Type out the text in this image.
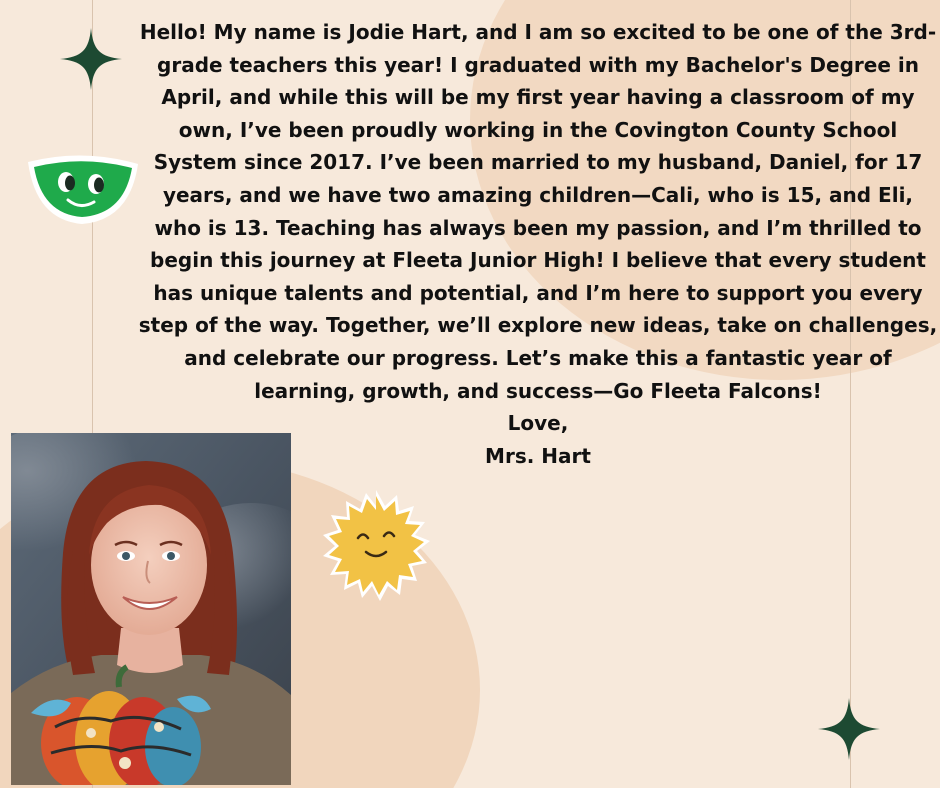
Hello! My name is Jodie Hart, and I am so excited to be one of the 3rd-grade teachers this year! I graduated with my Bachelor's Degree in April, and while this will be my first year having a classroom of my own, I’ve been proudly working in the Covington County School System since 2017. I’ve been married to my husband, Daniel, for 17 years, and we have two amazing children—Cali, who is 15, and Eli, who is 13. Teaching has always been my passion, and I’m thrilled to begin this journey at Fleeta Junior High! I believe that every student has unique talents and potential, and I’m here to support you every step of the way. Together, we’ll explore new ideas, take on challenges, and celebrate our progress. Let’s make this a fantastic year of learning, growth, and success—Go Fleeta Falcons!

Love,

Mrs. Hart
